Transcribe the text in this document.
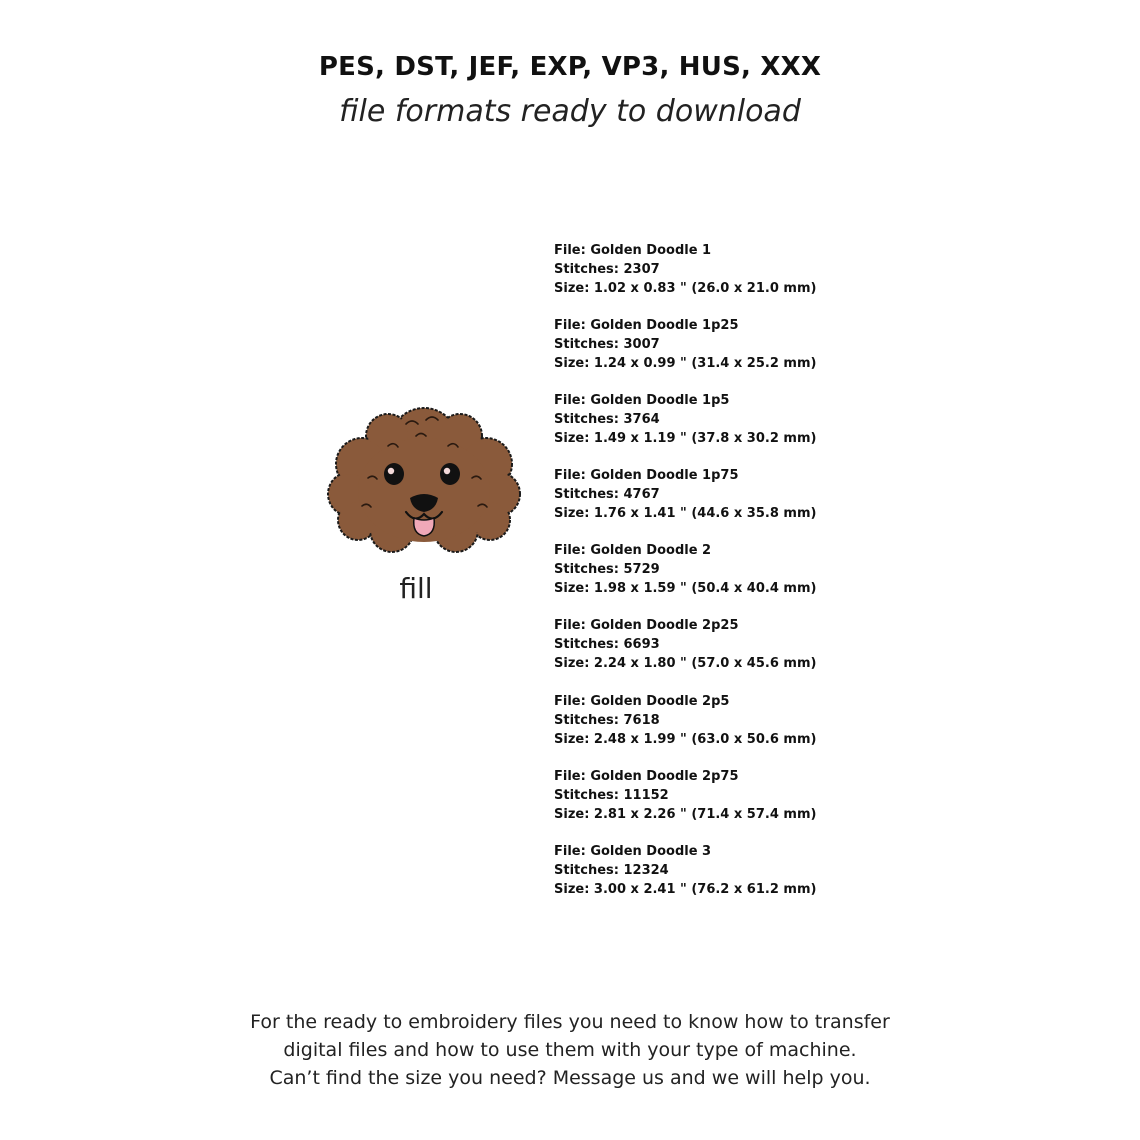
PES, DST, JEF, EXP, VP3, HUS, XXX
file formats ready to download
fill
File: Golden Doodle 1
Stitches: 2307
Size: 1.02 x 0.83 " (26.0 x 21.0 mm)
File: Golden Doodle 1p25
Stitches: 3007
Size: 1.24 x 0.99 " (31.4 x 25.2 mm)
File: Golden Doodle 1p5
Stitches: 3764
Size: 1.49 x 1.19 " (37.8 x 30.2 mm)
File: Golden Doodle 1p75
Stitches: 4767
Size: 1.76 x 1.41 " (44.6 x 35.8 mm)
File: Golden Doodle 2
Stitches: 5729
Size: 1.98 x 1.59 " (50.4 x 40.4 mm)
File: Golden Doodle 2p25
Stitches: 6693
Size: 2.24 x 1.80 " (57.0 x 45.6 mm)
File: Golden Doodle 2p5
Stitches: 7618
Size: 2.48 x 1.99 " (63.0 x 50.6 mm)
File: Golden Doodle 2p75
Stitches: 11152
Size: 2.81 x 2.26 " (71.4 x 57.4 mm)
File: Golden Doodle 3
Stitches: 12324
Size: 3.00 x 2.41 " (76.2 x 61.2 mm)
For the ready to embroidery files you need to know how to transfer
digital files and how to use them with your type of machine.
Can’t find the size you need? Message us and we will help you.
